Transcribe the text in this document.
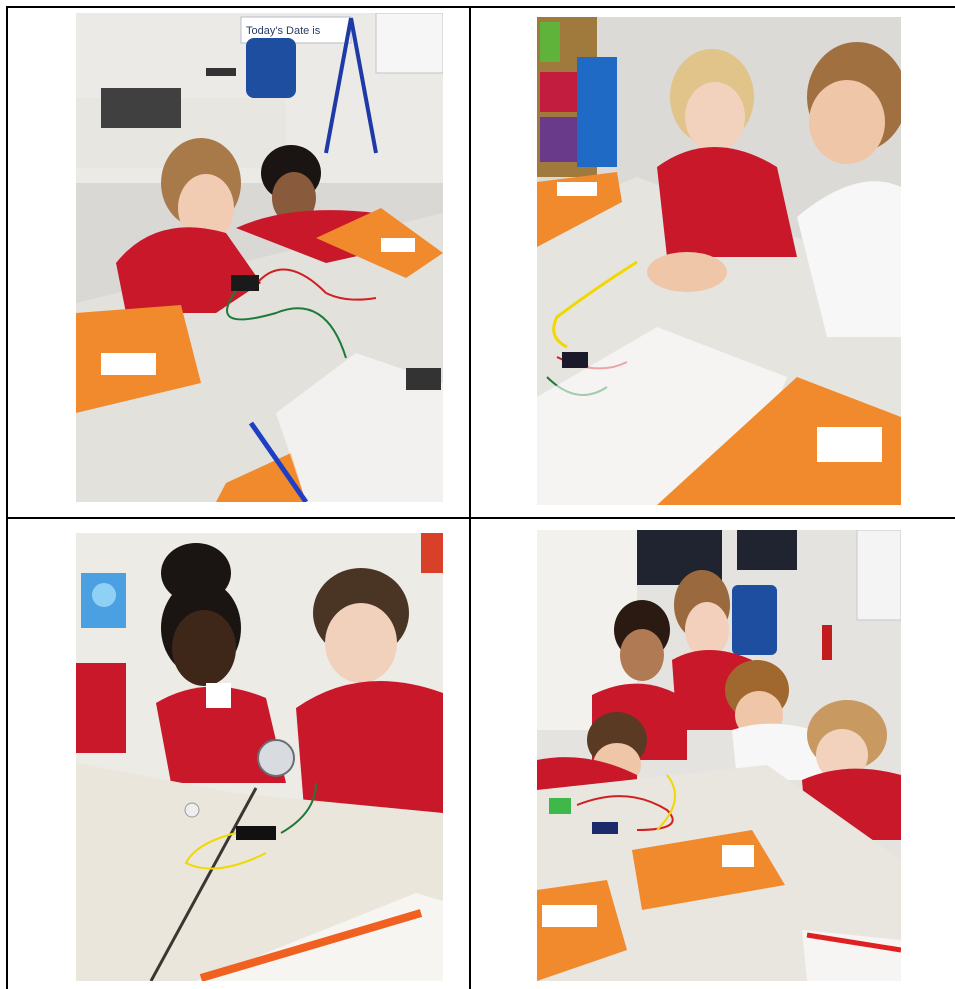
Today's Date is
